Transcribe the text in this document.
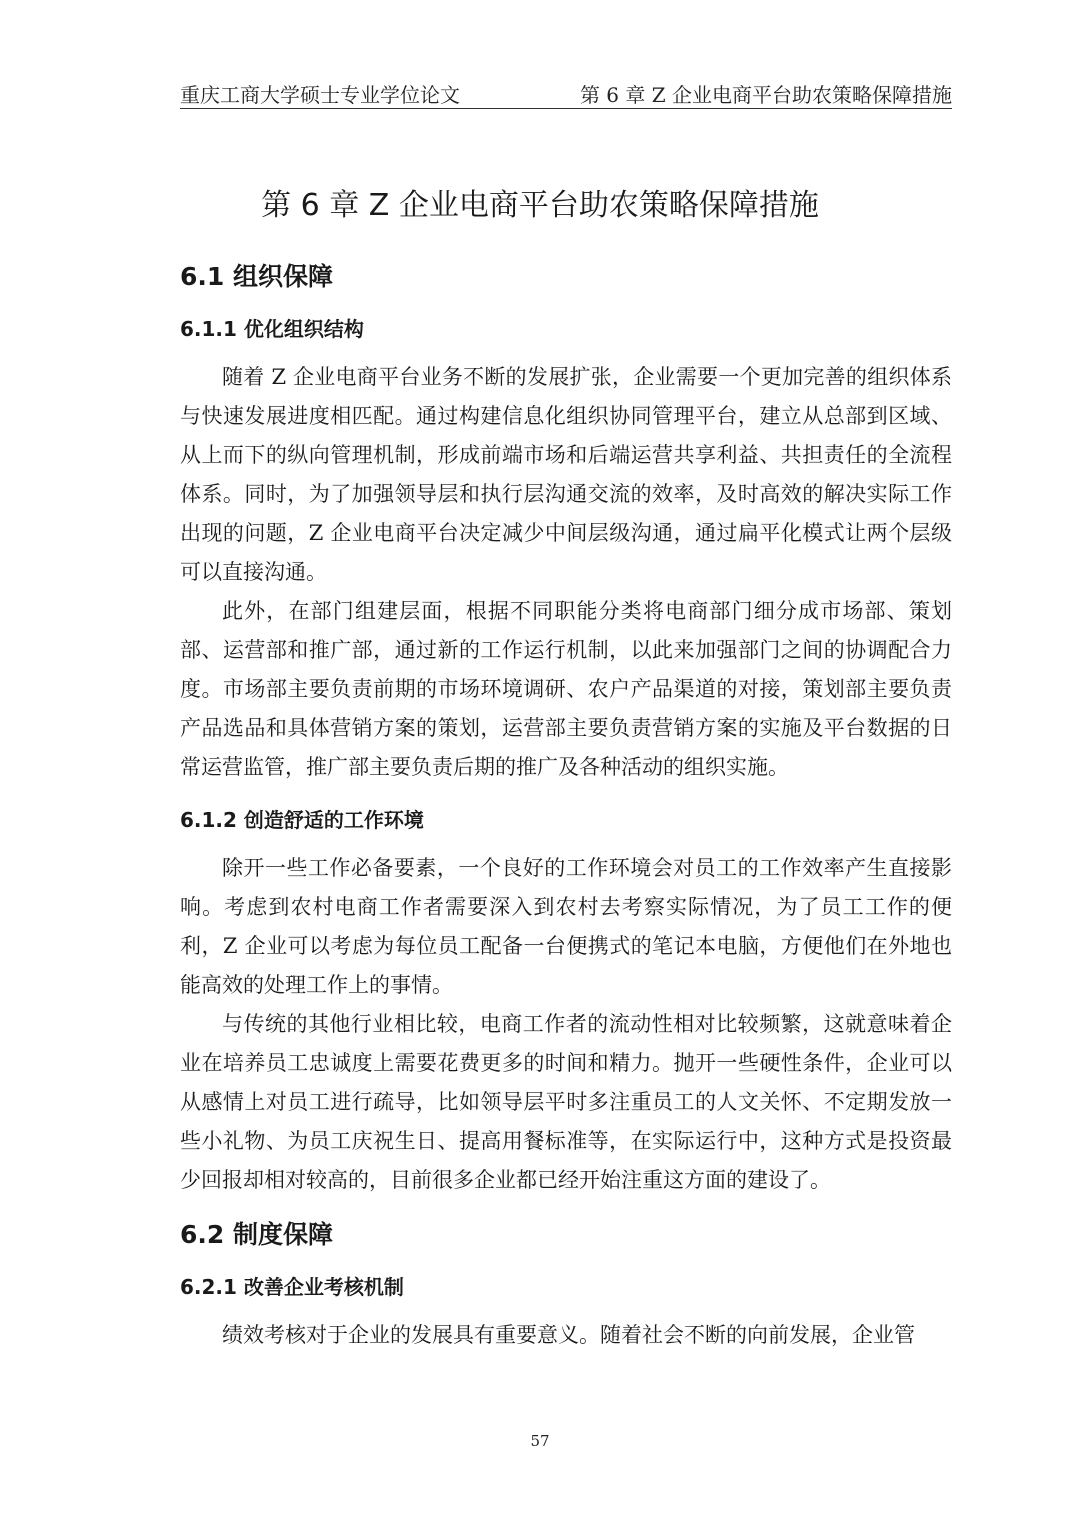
重庆工商大学硕士专业学位论文	第 6 章 Z 企业电商平台助农策略保障措施
第 6 章 Z 企业电商平台助农策略保障措施
6.1 组织保障
6.1.1 优化组织结构

随着 Z 企业电商平台业务不断的发展扩张，企业需要一个更加完善的组织体系与快速发展进度相匹配。通过构建信息化组织协同管理平台，建立从总部到区域、从上而下的纵向管理机制，形成前端市场和后端运营共享利益、共担责任的全流程体系。同时，为了加强领导层和执行层沟通交流的效率，及时高效的解决实际工作出现的问题，Z 企业电商平台决定减少中间层级沟通，通过扁平化模式让两个层级可以直接沟通。

此外，在部门组建层面，根据不同职能分类将电商部门细分成市场部、策划部、运营部和推广部，通过新的工作运行机制，以此来加强部门之间的协调配合力度。市场部主要负责前期的市场环境调研、农户产品渠道的对接，策划部主要负责产品选品和具体营销方案的策划，运营部主要负责营销方案的实施及平台数据的日常运营监管，推广部主要负责后期的推广及各种活动的组织实施。

6.1.2 创造舒适的工作环境

除开一些工作必备要素，一个良好的工作环境会对员工的工作效率产生直接影响。考虑到农村电商工作者需要深入到农村去考察实际情况，为了员工工作的便利，Z 企业可以考虑为每位员工配备一台便携式的笔记本电脑，方便他们在外地也能高效的处理工作上的事情。

与传统的其他行业相比较，电商工作者的流动性相对比较频繁，这就意味着企业在培养员工忠诚度上需要花费更多的时间和精力。抛开一些硬性条件，企业可以从感情上对员工进行疏导，比如领导层平时多注重员工的人文关怀、不定期发放一些小礼物、为员工庆祝生日、提高用餐标准等，在实际运行中，这种方式是投资最少回报却相对较高的，目前很多企业都已经开始注重这方面的建设了。

6.2 制度保障
6.2.1 改善企业考核机制

绩效考核对于企业的发展具有重要意义。随着社会不断的向前发展，企业管

57
